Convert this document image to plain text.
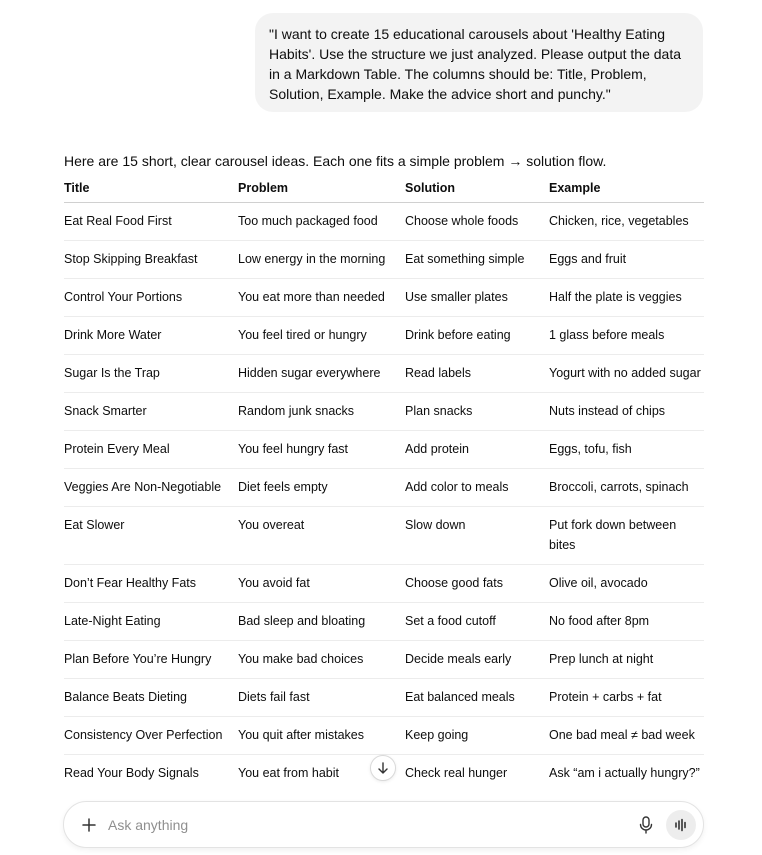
"I want to create 15 educational carousels about 'Healthy Eating Habits'. Use the structure we just analyzed. Please output the data in a Markdown Table. The columns should be: Title, Problem, Solution, Example. Make the advice short and punchy."
Here are 15 short, clear carousel ideas. Each one fits a simple problem → solution flow.
Title	Problem	Solution	Example
Eat Real Food First	Too much packaged food	Choose whole foods	Chicken, rice, vegetables
Stop Skipping Breakfast	Low energy in the morning	Eat something simple	Eggs and fruit
Control Your Portions	You eat more than needed	Use smaller plates	Half the plate is veggies
Drink More Water	You feel tired or hungry	Drink before eating	1 glass before meals
Sugar Is the Trap	Hidden sugar everywhere	Read labels	Yogurt with no added sugar
Snack Smarter	Random junk snacks	Plan snacks	Nuts instead of chips
Protein Every Meal	You feel hungry fast	Add protein	Eggs, tofu, fish
Veggies Are Non-Negotiable	Diet feels empty	Add color to meals	Broccoli, carrots, spinach
Eat Slower	You overeat	Slow down	Put fork down between bites
Don’t Fear Healthy Fats	You avoid fat	Choose good fats	Olive oil, avocado
Late-Night Eating	Bad sleep and bloating	Set a food cutoff	No food after 8pm
Plan Before You’re Hungry	You make bad choices	Decide meals early	Prep lunch at night
Balance Beats Dieting	Diets fail fast	Eat balanced meals	Protein + carbs + fat
Consistency Over Perfection	You quit after mistakes	Keep going	One bad meal ≠ bad week
Read Your Body Signals	You eat from habit	Check real hunger	Ask “am i actually hungry?”
Ask anything
